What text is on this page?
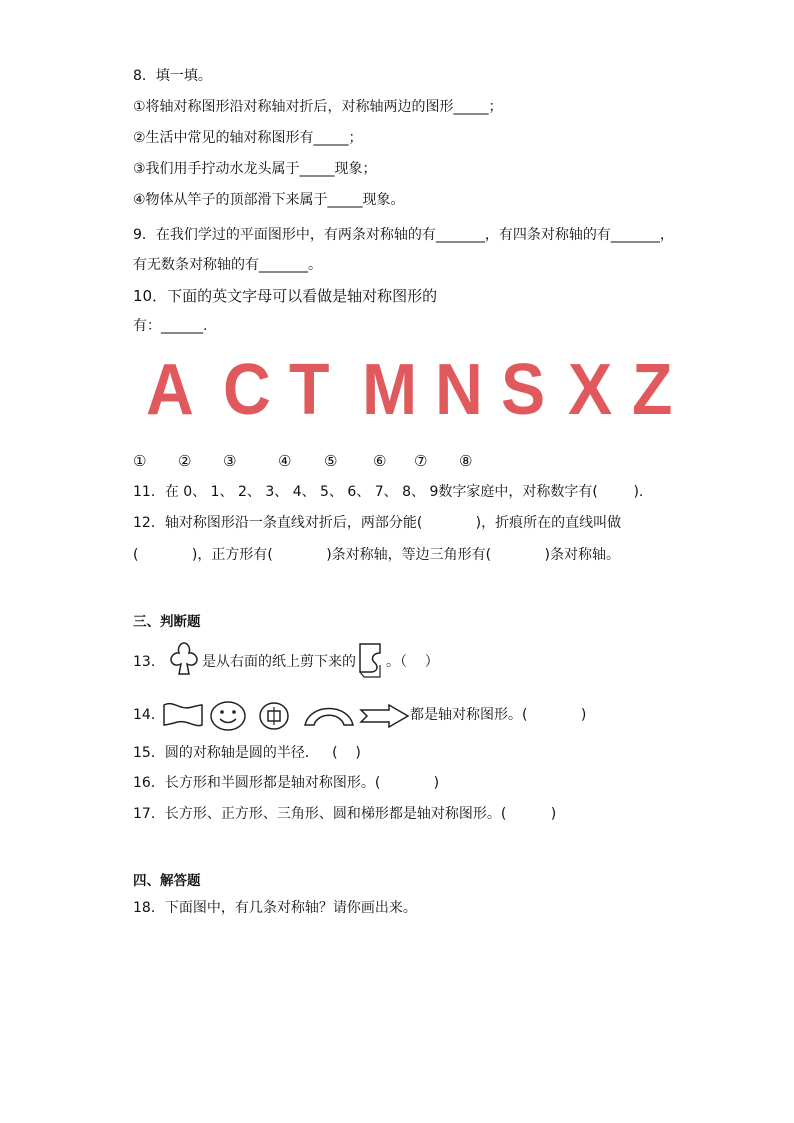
8．填一填。
①将轴对称图形沿对称轴对折后，对称轴两边的图形_____；
②生活中常见的轴对称图形有_____；
③我们用手拧动水龙头属于_____现象；
④物体从竿子的顶部滑下来属于_____现象。
9．在我们学过的平面图形中，有两条对称轴的有_______，有四条对称轴的有_______，
有无数条对称轴的有_______。
10．下面的英文字母可以看做是轴对称图形的
有：______.
A C T M N S X Z
① ② ③	④ ⑤ ⑥ ⑦ ⑧
11．在 0、 1、 2、 3、 4、 5、 6、 7、 8、 9数字家庭中，对称数字有(        ).
12．轴对称图形沿一条直线对折后，两部分能(            )，折痕所在的直线叫做
(            )，正方形有(            )条对称轴，等边三角形有(            )条对称轴。
三、判断题
13．	是从右面的纸上剪下来的 。（    ）
14．	都是轴对称图形。(            )
15．圆的对称轴是圆的半径．   (    )
16．长方形和半圆形都是轴对称图形。(            )
17．长方形、正方形、三角形、圆和梯形都是轴对称图形。(          )
四、解答题
18．下面图中，有几条对称轴？请你画出来。
